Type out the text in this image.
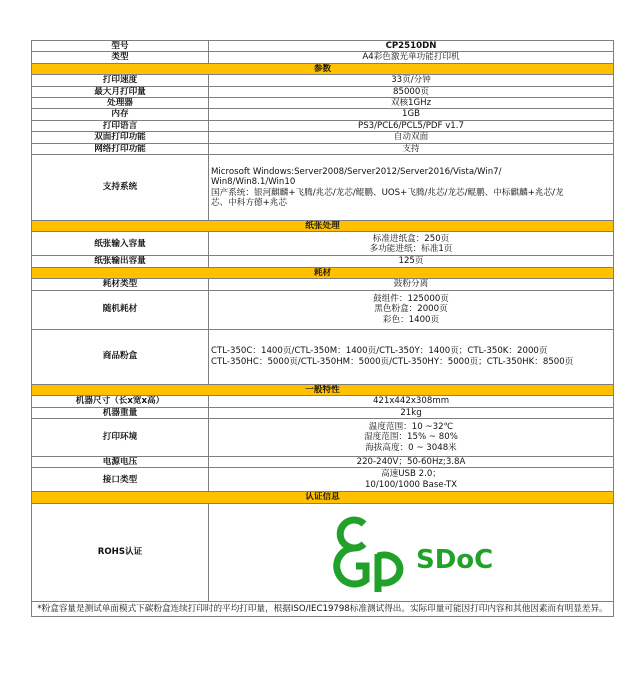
型号	CP2510DN
类型	A4彩色激光单功能打印机
参数	
打印速度	33页/分钟
最大月打印量	85000页
处理器	双核1GHz
内存	1GB
打印语言	PS3/PCL6/PCL5/PDF v1.7
双面打印功能	自动双面
网络打印功能	支持
支持系统	Microsoft Windows:Server2008/Server2012/Server2016/Vista/Win7/
Win8/Win8.1/Win10
国产系统：银河麒麟+飞腾/兆芯/龙芯/鲲鹏、UOS+飞腾/兆芯/龙芯/鲲鹏、中标麒麟+兆芯/龙
芯、中科方德+兆芯

纸张处理	
纸张输入容量	标准进纸盒：250页
多功能进纸：标准1页

纸张输出容量	125页
耗材	
耗材类型	鼓粉分离
随机耗材	鼓组件：125000页
黑色粉盒：2000页
彩色：1400页

商品粉盒	CTL-350C：1400页/CTL-350M：1400页/CTL-350Y：1400页；CTL-350K：2000页
CTL-350HC：5000页/CTL-350HM：5000页/CTL-350HY：5000页；CTL-350HK：8500页

一般特性	
机器尺寸（长x宽x高）	421x442x308mm
机器重量	21kg
打印环境	温度范围：10 ~32℃
湿度范围：15% ~ 80%
海拔高度：0 ~ 3048米

电源电压	220-240V；50-60Hz;3.8A
接口类型	高速USB 2.0；
10/100/1000 Base-TX

认证信息	
ROHS认证	SDoC

*粉盒容量是测试单面模式下碳粉盒连续打印时的平均打印量，根据ISO/IEC19798标准测试得出。实际印量可能因打印内容和其他因素而有明显差异。	
